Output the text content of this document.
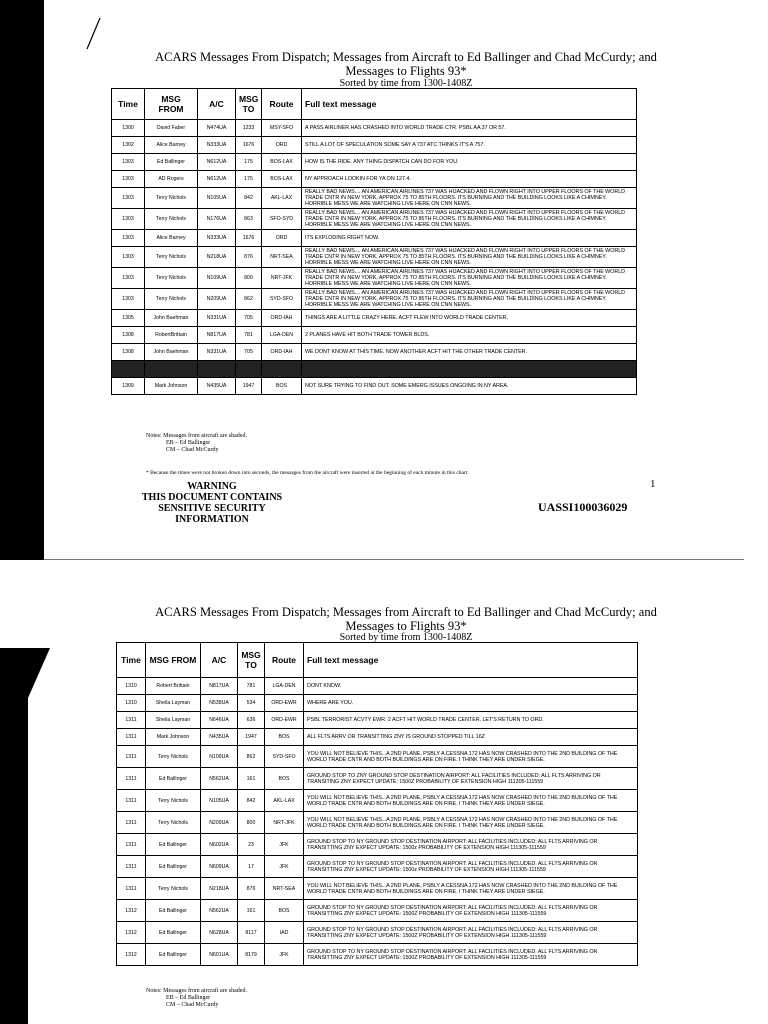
ACARS Messages From Dispatch; Messages from Aircraft to Ed Ballinger and Chad McCurdy; and Messages to Flights 93*
Sorted by time from 1300-1408Z
Time	MSG FROM	A/C	MSG TO	Route	Full text message
1300	David Faber	N474UA	1233	MSY-SFO	A PASS AIRLINER HAS CRASHED INTO WORLD TRADE CTR. PSBL AA 37 OR 57.
1302	Alice Barney	N333UA	1676	ORD	STILL A LOT OF SPECULATION SOME SAY A 737 ATC THINKS IT'S A 757.
1303	Ed Ballinger	N612UA	175	BOS-LAX	HOW IS THE RIDE. ANY THING DISPATCH CAN DO FOR YOU.
1303	AD Rogers	N612UA	175	BOS-LAX	NY APPROACH LOOKIN FOR YA ON 127.4.
1303	Terry Nichols	N105UA	842	AKL-LAX	REALLY BAD NEWS.... AN AMERICAN AIRLINES 737 WAS HIJACKED AND FLOWN RIGHT INTO UPPER FLOORS OF THE WORLD TRADE CNTR IN NEW YORK, APPROX 75 TO 85TH FLOORS. ITS BURNING AND THE BUILDING LOOKS LIKE A CHIMNEY. HORRIBLE MESS WE ARE WATCHING LIVE HERE ON CNN NEWS.
1303	Terry Nichols	N176UA	863	SFO-SYD	REALLY BAD NEWS.... AN AMERICAN AIRLINES 737 WAS HIJACKED AND FLOWN RIGHT INTO UPPER FLOORS OF THE WORLD TRADE CNTR IN NEW YORK, APPROX 75 TO 85TH FLOORS. ITS BURNING AND THE BUILDING LOOKS LIKE A CHIMNEY. HORRIBLE MESS WE ARE WATCHING LIVE HERE ON CNN NEWS.
1303	Alice Barney	N333UA	1676	ORD	ITS EXPLODING RIGHT NOW.
1303	Terry Nichols	N218UA	876	NRT-SEA	REALLY BAD NEWS.... AN AMERICAN AIRLINES 737 WAS HIJACKED AND FLOWN RIGHT INTO UPPER FLOORS OF THE WORLD TRADE CNTR IN NEW YORK, APPROX 75 TO 85TH FLOORS. ITS BURNING AND THE BUILDING LOOKS LIKE A CHIMNEY. HORRIBLE MESS WE ARE WATCHING LIVE HERE ON CNN NEWS.
1303	Terry Nichols	N109UA	800	NRT-JFK	REALLY BAD NEWS.... AN AMERICAN AIRLINES 737 WAS HIJACKED AND FLOWN RIGHT INTO UPPER FLOORS OF THE WORLD TRADE CNTR IN NEW YORK, APPROX 75 TO 85TH FLOORS. ITS BURNING AND THE BUILDING LOOKS LIKE A CHIMNEY. HORRIBLE MESS WE ARE WATCHING LIVE HERE ON CNN NEWS.
1303	Terry Nichols	N209UA	862	SYD-SFO	REALLY BAD NEWS.... AN AMERICAN AIRLINES 737 WAS HIJACKED AND FLOWN RIGHT INTO UPPER FLOORS OF THE WORLD TRADE CNTR IN NEW YORK, APPROX 75 TO 85TH FLOORS. ITS BURNING AND THE BUILDING LOOKS LIKE A CHIMNEY. HORRIBLE MESS WE ARE WATCHING LIVE HERE ON CNN NEWS.
1305	John Baehman	N331UA	705	ORD-IAH	THINGS ARE A LITTLE CRAZY HERE. ACFT FLEW INTO WORLD TRADE CENTER.
1308	RobertBrittain	N817UA	781	LGA-DEN	2 PLANES HAVE HIT BOTH TRADE TOWER BLDS.
1308	John Baehman	N331UA	705	ORD-IAH	WE DONT KNOW AT THIS TIME. NOW ANOTHER ACFT HIT THE OTHER TRADE CENTER.

1309	Mark Johnson	N435UA	1947	BOS	NOT SURE TRYING TO FIND OUT. SOME EMERG ISSUES ONGOING IN NY AREA.
Notes: Messages from aircraft are shaded.
EB – Ed Ballinger
CM – Chad McCurdy
* Because the times were not broken down into seconds, the messages from the aircraft were inserted at the beginning of each minute in this chart.
WARNING
THIS DOCUMENT CONTAINS
SENSITIVE SECURITY
INFORMATION
UASSI100036029
1
ACARS Messages From Dispatch; Messages from Aircraft to Ed Ballinger and Chad McCurdy; and Messages to Flights 93*
Sorted by time from 1300-1408Z
Time	MSG FROM	A/C	MSG TO	Route	Full text message
1310	Robert Brittain	N817UA	781	LGA-DEN	DONT KNOW.
1310	Sheila Layman	N538UA	534	ORD-EWR	WHERE ARE YOU.
1311	Sheila Layman	N646UA	636	ORD-EWR	PSBL TERRORIST ACVTY EWR. 2 ACFT HIT WORLD TRADE CENTER. LET'S RETURN TO ORD.
1311	Mark Johnson	N435UA	1947	BOS	ALL FLTS ARRV OR TRANSITTING ZNY IS GROUND STOPPED TILL 16Z
1311	Terry Nichols	N109UA	862	SYD-SFO	YOU WILL NOT BELIEVE THIS...A 2ND PLANE, PSBLY A CESSNA 172 HAS NOW CRASHED INTO THE 2ND BUILDING OF THE WORLD TRADE CNTR AND BOTH BUILDINGS ARE ON FIRE. I THINK THEY ARE UNDER SIEGE.
1311	Ed Ballinger	N562UA	161	BOS	GROUND STOP TO ZNY GROUND STOP DESTINATION AIRPORT: ALL FACILITIES INCLUDED: ALL FLTS ARRIVING OR TRANSITING ZNY EXPECT UPDATE: 1500Z PROBABILITY OF EXTENSION HIGH 111305-111559
1311	Terry Nichols	N105UA	842	AKL-LAX	YOU WILL NOT BELIEVE THIS...A 2ND PLANE, PSBLY A CESSNA 172 HAS NOW CRASHED INTO THE 2ND BUILDING OF THE WORLD TRADE CNTR AND BOTH BUILDINGS ARE ON FIRE. I THINK THEY ARE UNDER SIEGE.
1311	Terry Nichols	N209UA	800	NRT-JFK	YOU WILL NOT BELIEVE THIS...A 2ND PLANE, PSBLY A CESSNA 172 HAS NOW CRASHED INTO THE 2ND BUILDING OF THE WORLD TRADE CNTR AND BOTH BUILDINGS ARE ON FIRE. I THINK THEY ARE UNDER SIEGE.
1311	Ed Ballinger	N602UA	23	JFK	GROUND STOP TO NY GROUND STOP DESTINATION AIRPORT: ALL FACILITIES INCLUDED: ALL FLTS ARRIVING OR TRANSITTING ZNY EXPECT UPDATE: 1500z PROBABILITY OF EXTENSION HIGH 111305-111559
1311	Ed Ballinger	N609UA	17	JFK	GROUND STOP TO NY GROUND STOP DESTINATION AIRPORT: ALL FACILITIES INCLUDED: ALL FLTS ARRIVING OR TRANSITTING ZNY EXPECT UPDATE: 1500z PROBABILITY OF EXTENSION HIGH 111305-111559
1311	Terry Nichols	N218UA	876	NRT-SEA	YOU WILL NOT BELIEVE THIS...A 2ND PLANE, PSBLY A CESSNA 172 HAS NOW CRASHED INTO THE 2ND BUILDING OF THE WORLD TRADE CNTR AND BOTH BUILDINGS ARE ON FIRE. I THINK THEY ARE UNDER SIEGE.
1312	Ed Ballinger	N562UA	161	BOS	GROUND STOP TO NY GROUND STOP DESTINATION AIRPORT: ALL FACILITIES INCLUDED: ALL FLTS ARRIVING OR TRANSITTING ZNY EXPECT UPDATE: 1500Z PROBABILITY OF EXTENSION HIGH 111305-111559
1312	Ed Ballinger	N628UA	8117	IAD	GROUND STOP TO NY GROUND STOP DESTINATION AIRPORT: ALL FACILITIES INCLUDED: ALL FLTS ARRIVING OR TRANSITTING ZNY EXPECT UPDATE: 1500Z PROBABILITY OF EXTENSION HIGH 111305-111559
1312	Ed Ballinger	N601UA	8179	JFK	GROUND STOP TO NY GROUND STOP DESTINATION AIRPORT: ALL FACILITIES INCLUDED: ALL FLTS ARRIVING OR TRANSITTING ZNY EXPECT UPDATE: 1500Z PROBABILITY OF EXTENSION HIGH 111305-111559
Notes: Messages from aircraft are shaded.
EB – Ed Ballinger
CM – Chad McCurdy
